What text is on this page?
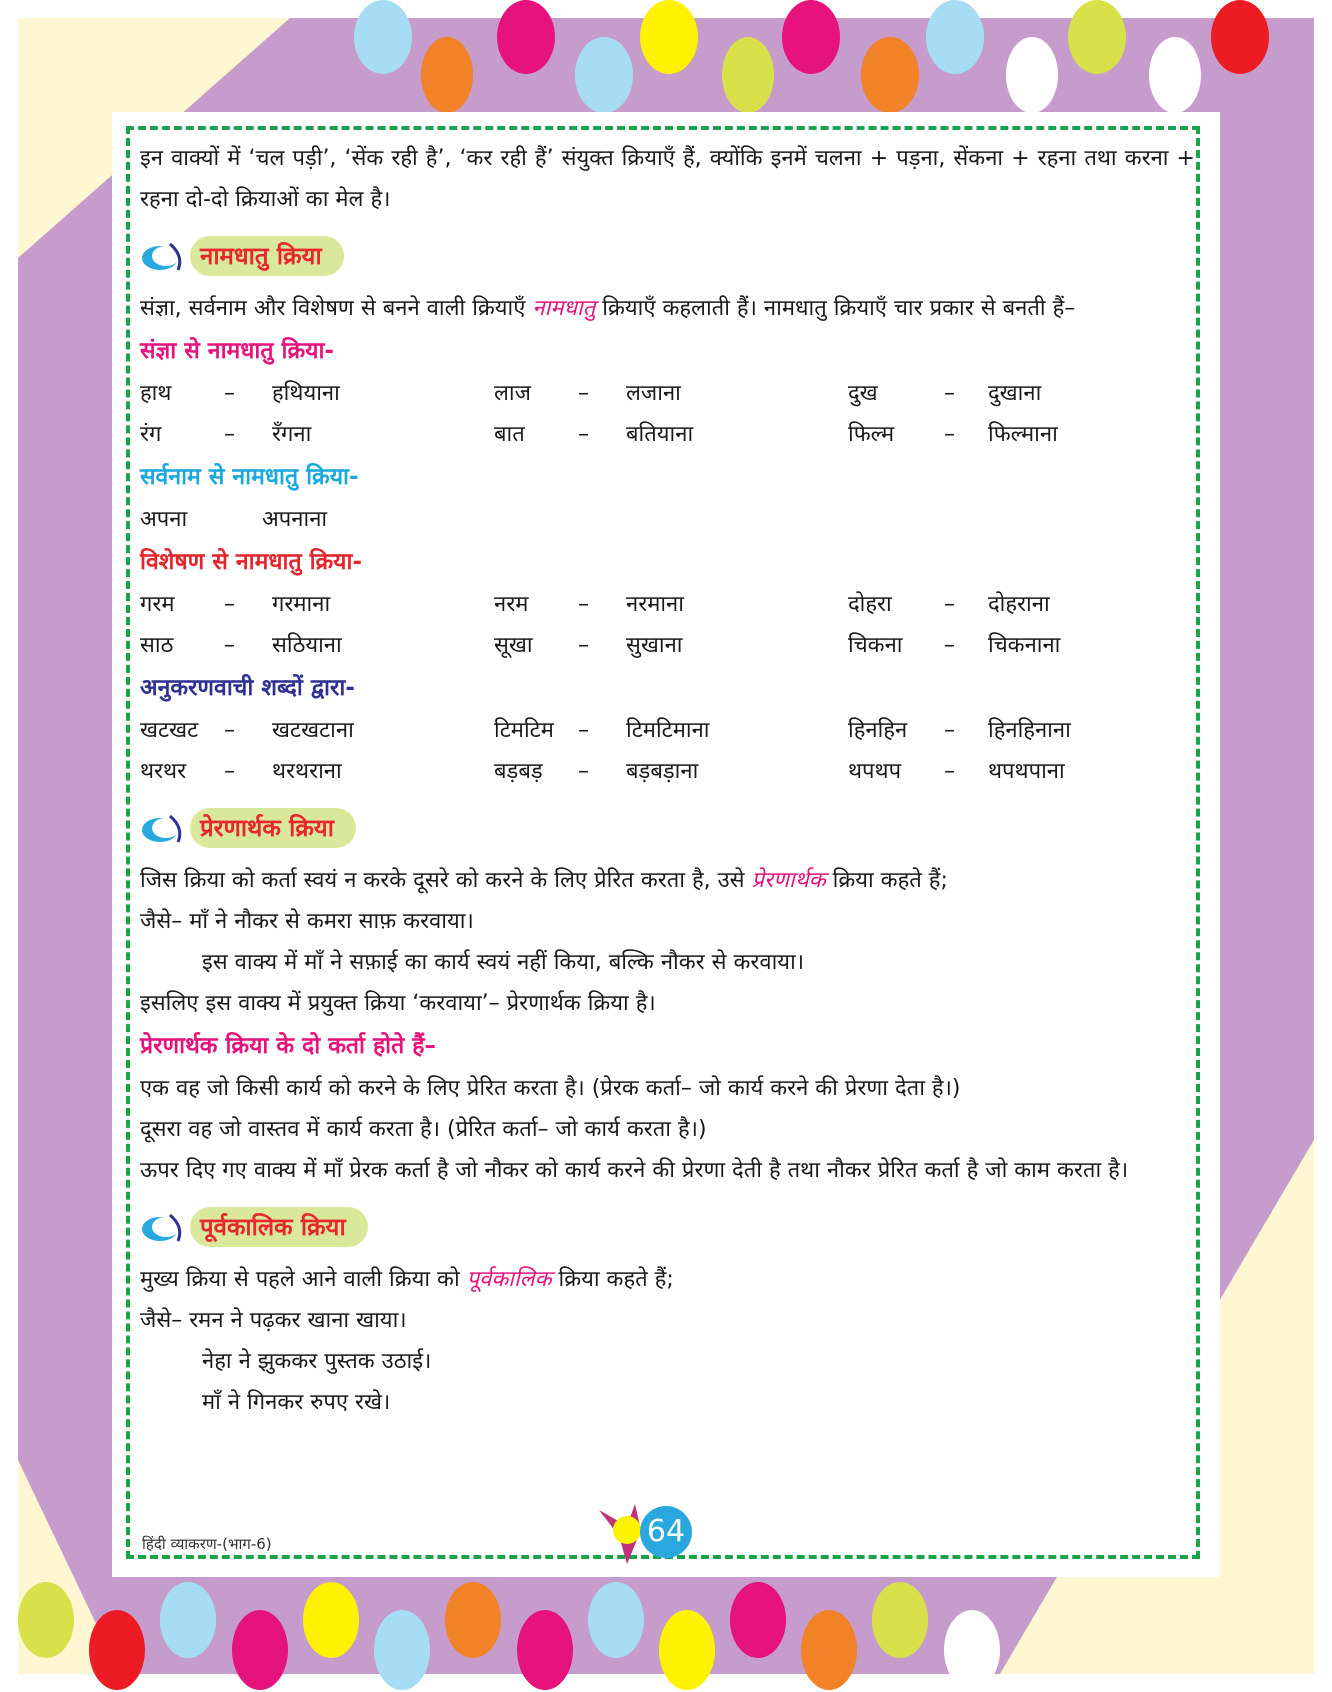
इन वाक्यों में ‘चल पड़ी’, ‘सेंक रही है’, ‘कर रही हैं’ संयुक्त क्रियाएँ हैं, क्योंकि इनमें चलना + पड़ना, सेंकना + रहना तथा करना + रहना दो-दो क्रियाओं का मेल है।

नामधातु क्रिया

संज्ञा, सर्वनाम और विशेषण से बनने वाली क्रियाएँ नामधातु क्रियाएँ कहलाती हैं। नामधातु क्रियाएँ चार प्रकार से बनती हैं–

संज्ञा से नामधातु क्रिया-
हाथ	–	हथियाना	लाज	–	लजाना	दुख	–	दुखाना
रंग	–	रँगना	बात	–	बतियाना	फिल्म	–	फिल्माना
सर्वनाम से नामधातु क्रिया-
अपना	अपनाना
विशेषण से नामधातु क्रिया-
गरम	–	गरमाना	नरम	–	नरमाना	दोहरा	–	दोहराना
साठ	–	सठियाना	सूखा	–	सुखाना	चिकना	–	चिकनाना
अनुकरणवाची शब्दों द्वारा-
खटखट	–	खटखटाना	टिमटिम	–	टिमटिमाना	हिनहिन	–	हिनहिनाना
थरथर	–	थरथराना	बड़बड़	–	बड़बड़ाना	थपथप	–	थपथपाना
प्रेरणार्थक क्रिया

जिस क्रिया को कर्ता स्वयं न करके दूसरे को करने के लिए प्रेरित करता है, उसे प्रेरणार्थक क्रिया कहते हैं;

जैसे– माँ ने नौकर से कमरा साफ़ करवाया।

इस वाक्य में माँ ने सफ़ाई का कार्य स्वयं नहीं किया, बल्कि नौकर से करवाया।

इसलिए इस वाक्य में प्रयुक्त क्रिया ‘करवाया’– प्रेरणार्थक क्रिया है।

प्रेरणार्थक क्रिया के दो कर्ता होते हैं–

एक वह जो किसी कार्य को करने के लिए प्रेरित करता है। (प्रेरक कर्ता– जो कार्य करने की प्रेरणा देता है।)

दूसरा वह जो वास्तव में कार्य करता है। (प्रेरित कर्ता– जो कार्य करता है।)

ऊपर दिए गए वाक्य में माँ प्रेरक कर्ता है जो नौकर को कार्य करने की प्रेरणा देती है तथा नौकर प्रेरित कर्ता है जो काम करता है।

पूर्वकालिक क्रिया

मुख्य क्रिया से पहले आने वाली क्रिया को पूर्वकालिक क्रिया कहते हैं;

जैसे– रमन ने पढ़कर खाना खाया।

नेहा ने झुककर पुस्तक उठाई।

माँ ने गिनकर रुपए रखे।

हिंदी व्याकरण-(भाग-6)	64
